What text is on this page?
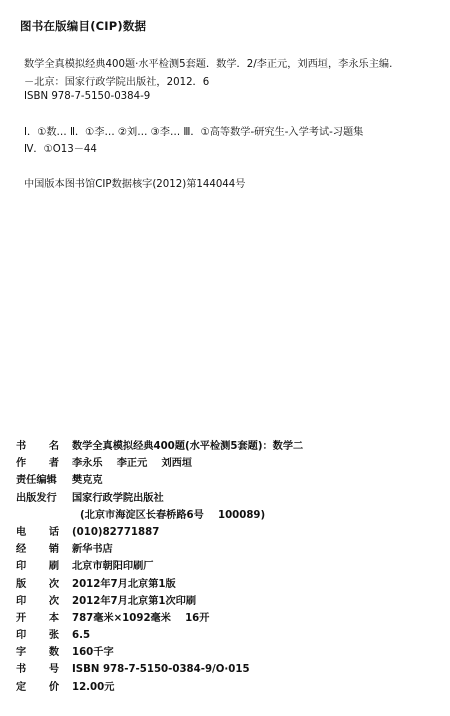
图书在版编目(CIP)数据
数学全真模拟经典400题·水平检测5套题．数学．2/李正元，刘西垣，李永乐主编.
－北京：国家行政学院出版社，2012．6
ISBN 978-7-5150-0384-9
Ⅰ．①数… Ⅱ．①李… ②刘… ③李… Ⅲ．①高等数学-研究生-入学考试-习题集
Ⅳ．①O13－44
中国版本图书馆CIP数据核字(2012)第144044号
书 名 数学全真模拟经典400题(水平检测5套题)：数学二
作 者 李永乐    李正元    刘西垣
责任编辑	樊克克
出版发行	国家行政学院出版社
(北京市海淀区长春桥路6号    100089)
电 话 (010)82771887
经 销 新华书店
印 刷 北京市朝阳印刷厂
版 次 2012年7月北京第1版
印 次 2012年7月北京第1次印刷
开 本 787毫米×1092毫米    16开
印 张 6.5
字 数 160千字
书 号 ISBN 978-7-5150-0384-9/O·015
定 价 12.00元
